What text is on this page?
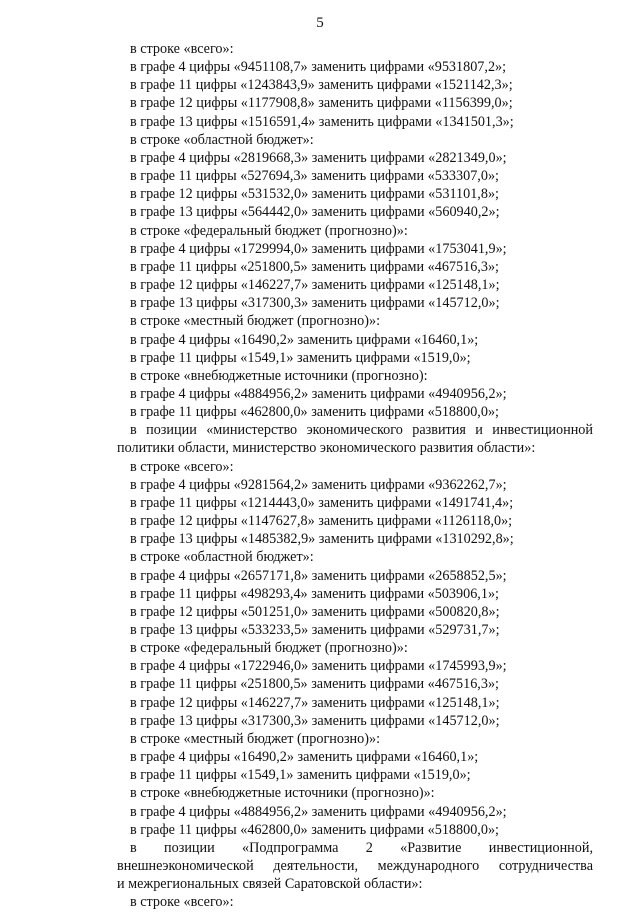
5
в строке «всего»:
в графе 4 цифры «9451108,7» заменить цифрами «9531807,2»;
в графе 11 цифры «1243843,9» заменить цифрами «1521142,3»;
в графе 12 цифры «1177908,8» заменить цифрами «1156399,0»;
в графе 13 цифры «1516591,4» заменить цифрами «1341501,3»;
в строке «областной бюджет»:
в графе 4 цифры «2819668,3» заменить цифрами «2821349,0»;
в графе 11 цифры «527694,3» заменить цифрами «533307,0»;
в графе 12 цифры «531532,0» заменить цифрами «531101,8»;
в графе 13 цифры «564442,0» заменить цифрами «560940,2»;
в строке «федеральный бюджет (прогнозно)»:
в графе 4 цифры «1729994,0» заменить цифрами «1753041,9»;
в графе 11 цифры «251800,5» заменить цифрами «467516,3»;
в графе 12 цифры «146227,7» заменить цифрами «125148,1»;
в графе 13 цифры «317300,3» заменить цифрами «145712,0»;
в строке «местный бюджет (прогнозно)»:
в графе 4 цифры «16490,2» заменить цифрами «16460,1»;
в графе 11 цифры «1549,1» заменить цифрами «1519,0»;
в строке «внебюджетные источники (прогнозно):
в графе 4 цифры «4884956,2» заменить цифрами «4940956,2»;
в графе 11 цифры «462800,0» заменить цифрами «518800,0»;
в позиции «министерство экономического развития и инвестиционной
политики области, министерство экономического развития области»:
в строке «всего»:
в графе 4 цифры «9281564,2» заменить цифрами «9362262,7»;
в графе 11 цифры «1214443,0» заменить цифрами «1491741,4»;
в графе 12 цифры «1147627,8» заменить цифрами «1126118,0»;
в графе 13 цифры «1485382,9» заменить цифрами «1310292,8»;
в строке «областной бюджет»:
в графе 4 цифры «2657171,8» заменить цифрами «2658852,5»;
в графе 11 цифры «498293,4» заменить цифрами «503906,1»;
в графе 12 цифры «501251,0» заменить цифрами «500820,8»;
в графе 13 цифры «533233,5» заменить цифрами «529731,7»;
в строке «федеральный бюджет (прогнозно)»:
в графе 4 цифры «1722946,0» заменить цифрами «1745993,9»;
в графе 11 цифры «251800,5» заменить цифрами «467516,3»;
в графе 12 цифры «146227,7» заменить цифрами «125148,1»;
в графе 13 цифры «317300,3» заменить цифрами «145712,0»;
в строке «местный бюджет (прогнозно)»:
в графе 4 цифры «16490,2» заменить цифрами «16460,1»;
в графе 11 цифры «1549,1» заменить цифрами «1519,0»;
в строке «внебюджетные источники (прогнозно)»:
в графе 4 цифры «4884956,2» заменить цифрами «4940956,2»;
в графе 11 цифры «462800,0» заменить цифрами «518800,0»;
в позиции «Подпрограмма 2 «Развитие инвестиционной,
внешнеэкономической деятельности, международного сотрудничества
и межрегиональных связей Саратовской области»:
в строке «всего»:
